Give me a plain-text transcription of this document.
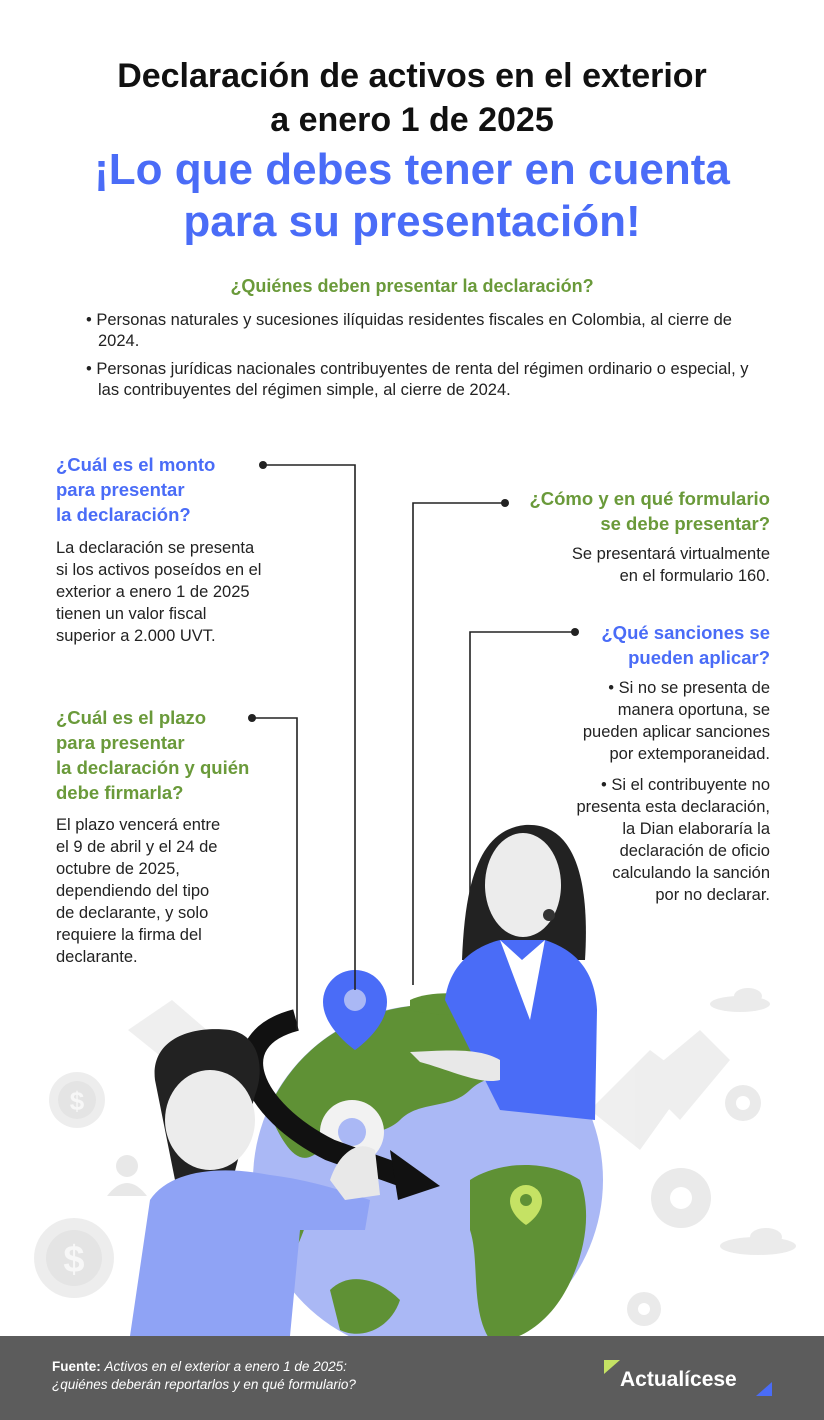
$
$
Declaración de activos en el exterior
a enero 1 de 2025
¡Lo que debes tener en cuenta
para su presentación!
¿Quiénes deben presentar la declaración?
• Personas naturales y sucesiones ilíquidas residentes fiscales en Colombia, al cierre de 2024.
• Personas jurídicas nacionales contribuyentes de renta del régimen ordinario o especial, y las contribuyentes del régimen simple, al cierre de 2024.
¿Cuál es el monto
para presentar
la declaración?
La declaración se presenta
si los activos poseídos en el
exterior a enero 1 de 2025
tienen un valor fiscal
superior a 2.000 UVT.
¿Cuál es el plazo
para presentar
la declaración y quién
debe firmarla?
El plazo vencerá entre
el 9 de abril y el 24 de
octubre de 2025,
dependiendo del tipo
de declarante, y solo
requiere la firma del
declarante.
¿Cómo y en qué formulario
se debe presentar?
Se presentará virtualmente
en el formulario 160.
¿Qué sanciones se
pueden aplicar?
• Si no se presenta de
manera oportuna, se
pueden aplicar sanciones
por extemporaneidad.
• Si el contribuyente no
presenta esta declaración,
la Dian elaboraría la
declaración de oficio
calculando la sanción
por no declarar.
Fuente: Activos en el exterior a enero 1 de 2025:
¿quiénes deberán reportarlos y en qué formulario?	Actualícese
